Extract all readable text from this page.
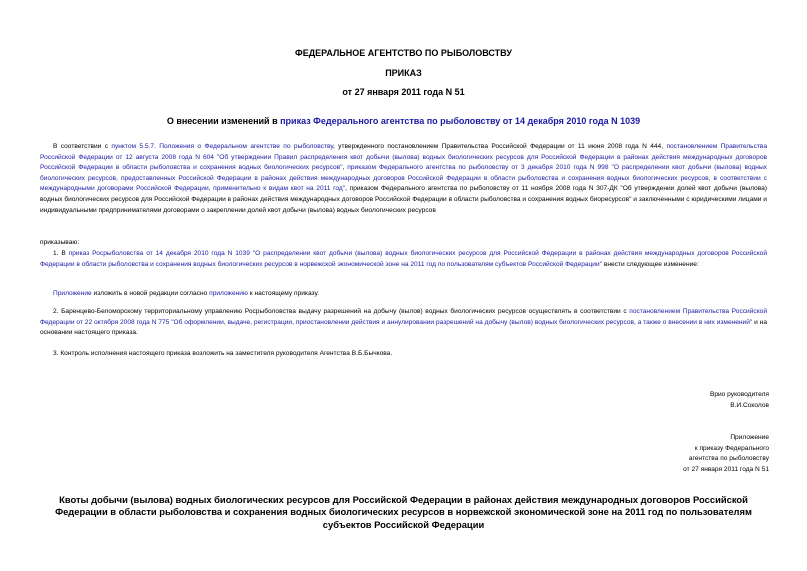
ФЕДЕРАЛЬНОЕ АГЕНТСТВО ПО РЫБОЛОВСТВУ
ПРИКАЗ
от 27 января 2011 года N 51
О внесении изменений в приказ Федерального агентства по рыболовству от 14 декабря 2010 года N 1039
В соответствии с пунктом 5.5.7. Положения о Федеральном агентстве по рыболовству, утвержденного постановлением Правительства Российской Федерации от 11 июня 2008 года N 444, постановлением Правительства Российской Федерации от 12 августа 2008 года N 604 "Об утверждении Правил распределения квот добычи (вылова) водных биологических ресурсов для Российской Федерации в районах действия международных договоров Российской Федерации в области рыболовства и сохранения водных биологических ресурсов", приказом Федерального агентства по рыболовству от 3 декабря 2010 года N 998 "О распределении квот добычи (вылова) водных биологических ресурсов, предоставленных Российской Федерации в районах действия международных договоров Российской Федерации в области рыболовства и сохранения водных биологических ресурсов, в соответствии с международными договорами Российской Федерации, применительно к видам квот на 2011 год", приказом Федерального агентства по рыболовству от 11 ноября 2008 года N 307-ДК "Об утверждении долей квот добычи (вылова) водных биологических ресурсов для Российской Федерации в районах действия международных договоров Российской Федерации в области рыболовства и сохранения водных биоресурсов" и заключенными с юридическими лицами и индивидуальными предпринимателями договорами о закреплении долей квот добычи (вылова) водных биологических ресурсов
приказываю:
1. В приказ Росрыболовства от 14 декабря 2010 года N 1039 "О распределении квот добычи (вылова) водных биологических ресурсов для Российской Федерации в районах действия международных договоров Российской Федерации в области рыболовства и сохранения водных биологических ресурсов в норвежской экономической зоне на 2011 год по пользователям субъектов Российской Федерации" внести следующее изменение:
Приложение изложить в новой редакции согласно приложению к настоящему приказу.
2. Баренцево-Беломорскому территориальному управлению Росрыболовства выдачу разрешений на добычу (вылов) водных биологических ресурсов осуществлять в соответствии с постановлением Правительства Российской Федерации от 22 октября 2008 года N 775 "Об оформлении, выдаче, регистрации, приостановлении действия и аннулировании разрешений на добычу (вылов) водных биологических ресурсов, а также о внесении в них изменений" и на основании настоящего приказа.
3. Контроль исполнения настоящего приказа возложить на заместителя руководителя Агентства В.Б.Бычкова.
Врио руководителя
В.И.Соколов
Приложение
к приказу Федерального
агентства по рыболовству
от 27 января 2011 года N 51
Квоты добычи (вылова) водных биологических ресурсов для Российской Федерации в районах действия международных договоров Российской Федерации в области рыболовства и сохранения водных биологических ресурсов в норвежской экономической зоне на 2011 год по пользователям субъектов Российской Федерации
